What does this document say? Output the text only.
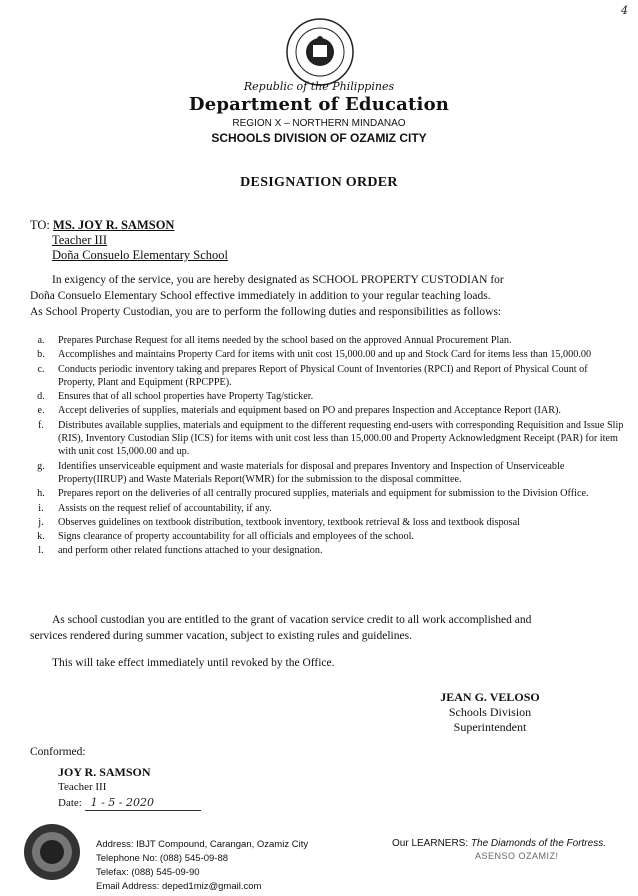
4
Republic of the Philippines
Department of Education
REGION X – NORTHERN MINDANAO
SCHOOLS DIVISION OF OZAMIZ CITY
DESIGNATION ORDER
TO: MS. JOY R. SAMSON
Teacher III
Doña Consuelo Elementary School
In exigency of the service, you are hereby designated as SCHOOL PROPERTY CUSTODIAN for
Doña Consuelo Elementary School effective immediately in addition to your regular teaching loads.
As School Property Custodian, you are to perform the following duties and responsibilities as follows:
a.	Prepares Purchase Request for all items needed by the school based on the approved Annual Procurement Plan.
b.	Accomplishes and maintains Property Card for items with unit cost 15,000.00 and up and Stock Card for items less than 15,000.00
c.	Conducts periodic inventory taking and prepares Report of Physical Count of Inventories (RPCI) and Report of Physical Count of Property, Plant and Equipment (RPCPPE).
d.	Ensures that of all school properties have Property Tag/sticker.
e.	Accept deliveries of supplies, materials and equipment based on PO and prepares Inspection and Acceptance Report (IAR).
f.	Distributes available supplies, materials and equipment to the different requesting end-users with corresponding Requisition and Issue Slip (RIS), Inventory Custodian Slip (ICS) for items with unit cost less than 15,000.00 and Property Acknowledgment Receipt (PAR) for item with unit cost 15,000.00 and up.
g.	Identifies unserviceable equipment and waste materials for disposal and prepares Inventory and Inspection of Unserviceable Property(IIRUP) and Waste Materials Report(WMR) for the submission to the disposal committee.
h.	Prepares report on the deliveries of all centrally procured supplies, materials and equipment for submission to the Division Office.
i.	Assists on the request relief of accountability, if any.
j.	Observes guidelines on textbook distribution, textbook inventory, textbook retrieval & loss and textbook disposal
k.	Signs clearance of property accountability for all officials and employees of the school.
l.	and perform other related functions attached to your designation.
As school custodian you are entitled to the grant of vacation service credit to all work accomplished and
services rendered during summer vacation, subject to existing rules and guidelines.
This will take effect immediately until revoked by the Office.
JEAN G. VELOSO
Schools Division Superintendent
Conformed:
JOY R. SAMSON
Teacher III
Date: 1 - 5 - 2020
Address: IBJT Compound, Carangan, Ozamiz City
Telephone No: (088) 545-09-88
Telefax: (088) 545-09-90
Email Address: deped1miz@gmail.com
Our LEARNERS: The Diamonds of the Fortress.
ASENSO OZAMIZ!
